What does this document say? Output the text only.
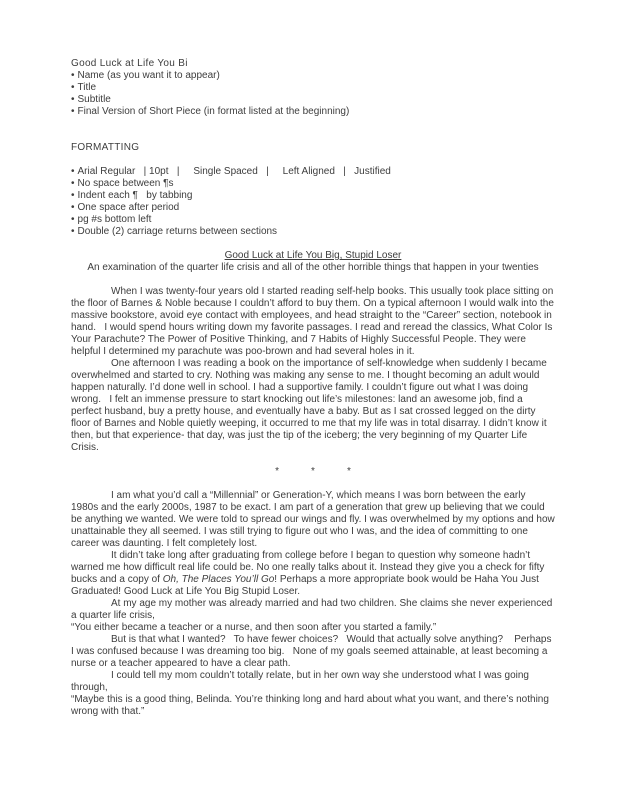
Good Luck at Life You Bi
• Name (as you want it to appear)
• Title
• Subtitle
• Final Version of Short Piece (in format listed at the beginning)
FORMATTING
• Arial Regular   | 10pt   |     Single Spaced   |     Left Aligned   |   Justified
• No space between ¶s
• Indent each ¶   by tabbing
• One space after period
• pg #s bottom left
• Double (2) carriage returns between sections
Good Luck at Life You Big, Stupid Loser
An examination of the quarter life crisis and all of the other horrible things that happen in your twenties

When I was twenty-four years old I started reading self-help books. This usually took place sitting on the floor of Barnes & Noble because I couldn’t afford to buy them. On a typical afternoon I would walk into the massive bookstore, avoid eye contact with employees, and head straight to the “Career” section, notebook in hand.   I would spend hours writing down my favorite passages. I read and reread the classics, What Color Is Your Parachute? The Power of Positive Thinking, and 7 Habits of Highly Successful People. They were helpful I determined my parachute was poo-brown and had several holes in it.

One afternoon I was reading a book on the importance of self-knowledge when suddenly I became overwhelmed and started to cry. Nothing was making any sense to me. I thought becoming an adult would happen naturally. I’d done well in school. I had a supportive family. I couldn’t figure out what I was doing wrong.   I felt an immense pressure to start knocking out life’s milestones: land an awesome job, find a perfect husband, buy a pretty house, and eventually have a baby. But as I sat crossed legged on the dirty floor of Barnes and Noble quietly weeping, it occurred to me that my life was in total disarray. I didn’t know it then, but that experience- that day, was just the tip of the iceberg; the very beginning of my Quarter Life Crisis.

*	*	*

I am what you’d call a “Millennial” or Generation-Y, which means I was born between the early 1980s and the early 2000s, 1987 to be exact. I am part of a generation that grew up believing that we could be anything we wanted. We were told to spread our wings and fly. I was overwhelmed by my options and how unattainable they all seemed. I was still trying to figure out who I was, and the idea of committing to one career was daunting. I felt completely lost.

It didn’t take long after graduating from college before I began to question why someone hadn’t warned me how difficult real life could be. No one really talks about it. Instead they give you a check for fifty bucks and a copy of Oh, The Places You’ll Go! Perhaps a more appropriate book would be Haha You Just Graduated! Good Luck at Life You Big Stupid Loser.

At my age my mother was already married and had two children. She claims she never experienced a quarter life crisis,

“You either became a teacher or a nurse, and then soon after you started a family.”

But is that what I wanted?   To have fewer choices?   Would that actually solve anything?    Perhaps I was confused because I was dreaming too big.   None of my goals seemed attainable, at least becoming a nurse or a teacher appeared to have a clear path.

I could tell my mom couldn’t totally relate, but in her own way she understood what I was going through,

“Maybe this is a good thing, Belinda. You’re thinking long and hard about what you want, and there’s nothing wrong with that.”
